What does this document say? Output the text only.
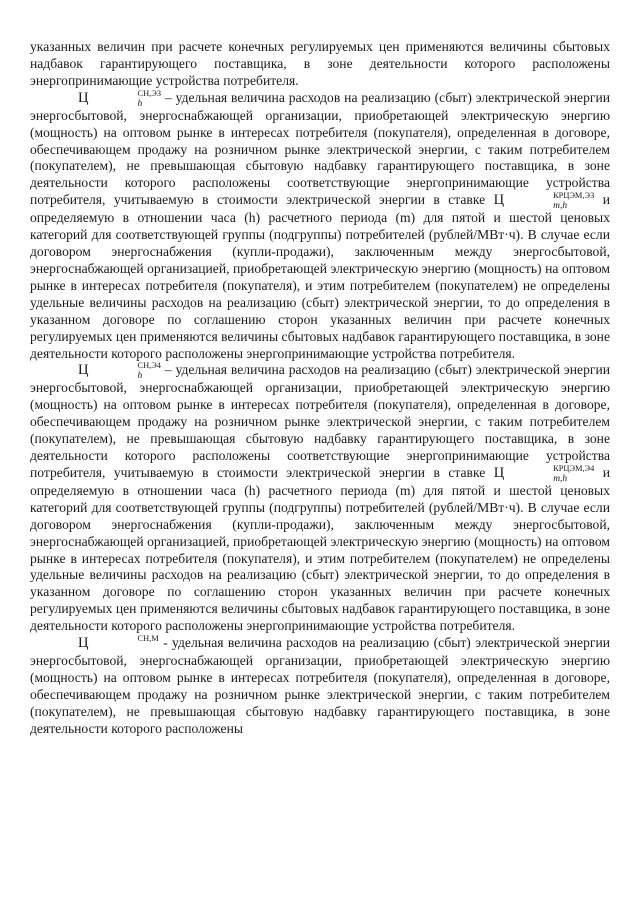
указанных величин при расчете конечных регулируемых цен применяются величины сбытовых надбавок гарантирующего поставщика, в зоне деятельности которого расположены энергопринимающие устройства потребителя.

Ц	СН,ЭЗ
h	– удельная величина расходов на реализацию (сбыт) электрической энергии энергосбытовой, энергоснабжающей организации, приобретающей электрическую энергию (мощность) на оптовом рынке в интересах потребителя (покупателя), определенная в договоре, обеспечивающем продажу на розничном рынке электрической энергии, с таким потребителем (покупателем), не превышающая сбытовую надбавку гарантирующего поставщика, в зоне деятельности которого расположены соответствующие энергопринимающие устройства потребителя, учитываемую в стоимости электрической энергии в ставке Ц	КРЦЭМ,ЭЗ
m,h	и определяемую в отношении часа (h) расчетного периода (m) для пятой и шестой ценовых категорий для соответствующей группы (подгруппы) потребителей (рублей/МВт·ч). В случае если договором энергоснабжения (купли-продажи), заключенным между энергосбытовой, энергоснабжающей организацией, приобретающей электрическую энергию (мощность) на оптовом рынке в интересах потребителя (покупателя), и этим потребителем (покупателем) не определены удельные величины расходов на реализацию (сбыт) электрической энергии, то до определения в указанном договоре по соглашению сторон указанных величин при расчете конечных регулируемых цен применяются величины сбытовых надбавок гарантирующего поставщика, в зоне деятельности которого расположены энергопринимающие устройства потребителя.

Ц	СН,Э4
h	– удельная величина расходов на реализацию (сбыт) электрической энергии энергосбытовой, энергоснабжающей организации, приобретающей электрическую энергию (мощность) на оптовом рынке в интересах потребителя (покупателя), определенная в договоре, обеспечивающем продажу на розничном рынке электрической энергии, с таким потребителем (покупателем), не превышающая сбытовую надбавку гарантирующего поставщика, в зоне деятельности которого расположены соответствующие энергопринимающие устройства потребителя, учитываемую в стоимости электрической энергии в ставке Ц	КРЦЭМ,Э4
m,h	и определяемую в отношении часа (h) расчетного периода (m) для пятой и шестой ценовых категорий для соответствующей группы (подгруппы) потребителей (рублей/МВт·ч). В случае если договором энергоснабжения (купли-продажи), заключенным между энергосбытовой, энергоснабжающей организацией, приобретающей электрическую энергию (мощность) на оптовом рынке в интересах потребителя (покупателя), и этим потребителем (покупателем) не определены удельные величины расходов на реализацию (сбыт) электрической энергии, то до определения в указанном договоре по соглашению сторон указанных величин при расчете конечных регулируемых цен применяются величины сбытовых надбавок гарантирующего поставщика, в зоне деятельности которого расположены энергопринимающие устройства потребителя.

Ц	СН,М
- удельная величина расходов на реализацию (сбыт) электрической энергии энергосбытовой, энергоснабжающей организации, приобретающей электрическую энергию (мощность) на оптовом рынке в интересах потребителя (покупателя), определенная в договоре, обеспечивающем продажу на розничном рынке электрической энергии, с таким потребителем (покупателем), не превышающая сбытовую надбавку гарантирующего поставщика, в зоне деятельности которого расположены
